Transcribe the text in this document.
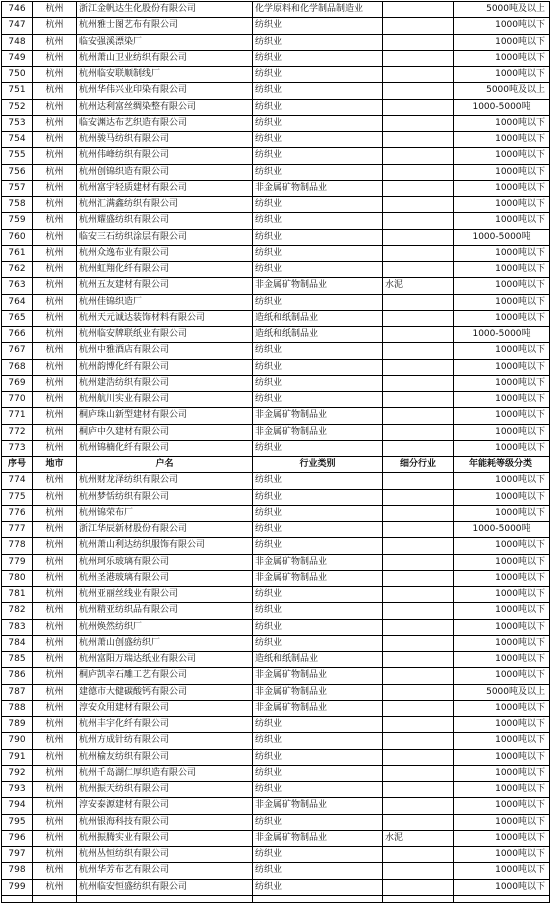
746	杭州	浙江金帆达生化股份有限公司	化学原料和化学制品制造业		5000吨及以上
747	杭州	杭州雅士图艺布有限公司	纺织业		1000吨以下
748	杭州	临安强溪漂染厂	纺织业		1000吨以下
749	杭州	杭州萧山卫业纺织有限公司	纺织业		1000吨以下
750	杭州	杭州临安联顺制线厂	纺织业		1000吨以下
751	杭州	杭州华伟兴业印染有限公司	纺织业		5000吨及以上
752	杭州	杭州达利富丝绸染整有限公司	纺织业		1000-5000吨
753	杭州	临安渊达布艺织造有限公司	纺织业		1000吨以下
754	杭州	杭州骏马纺织有限公司	纺织业		1000吨以下
755	杭州	杭州伟峰纺织有限公司	纺织业		1000吨以下
756	杭州	杭州创锦织造有限公司	纺织业		1000吨以下
757	杭州	杭州富宇轻质建材有限公司	非金属矿物制品业		1000吨以下
758	杭州	杭州汇满鑫纺织有限公司	纺织业		1000吨以下
759	杭州	杭州耀盛纺织有限公司	纺织业		1000吨以下
760	杭州	临安三石纺织涂层有限公司	纺织业		1000-5000吨
761	杭州	杭州众逸布业有限公司	纺织业		1000吨以下
762	杭州	杭州虹翔化纤有限公司	纺织业		1000吨以下
763	杭州	杭州五友建材有限公司	非金属矿物制品业	水泥	1000吨以下
764	杭州	杭州佳锦织造厂	纺织业		1000吨以下
765	杭州	杭州天元诚达装饰材料有限公司	造纸和纸制品业		1000吨以下
766	杭州	杭州临安牌联纸业有限公司	造纸和纸制品业		1000-5000吨
767	杭州	杭州中雅酒店有限公司	纺织业		1000吨以下
768	杭州	杭州韵博化纤有限公司	纺织业		1000吨以下
769	杭州	杭州建浩纺织有限公司	纺织业		1000吨以下
770	杭州	杭州航川实业有限公司	纺织业		1000吨以下
771	杭州	桐庐珠山新型建材有限公司	非金属矿物制品业		1000吨以下
772	杭州	桐庐中久建材有限公司	非金属矿物制品业		1000吨以下
773	杭州	杭州锦楠化纤有限公司	纺织业		1000吨以下
序号	地市	户名	行业类别	细分行业	年能耗等级分类
774	杭州	杭州财龙泽纺织有限公司	纺织业		1000吨以下
775	杭州	杭州梦恬纺织有限公司	纺织业		1000吨以下
776	杭州	杭州锦荣布厂	纺织业		1000吨以下
777	杭州	浙江华辰新材股份有限公司	纺织业		1000-5000吨
778	杭州	杭州萧山利达纺织服饰有限公司	纺织业		1000吨以下
779	杭州	杭州珂乐玻璃有限公司	非金属矿物制品业		1000吨以下
780	杭州	杭州圣港玻璃有限公司	非金属矿物制品业		1000吨以下
781	杭州	杭州亚丽丝线业有限公司	纺织业		1000吨以下
782	杭州	杭州精亚纺织品有限公司	纺织业		1000吨以下
783	杭州	杭州焕然纺织厂	纺织业		1000吨以下
784	杭州	杭州萧山创盛纺织厂	纺织业		1000吨以下
785	杭州	杭州富阳万瑞达纸业有限公司	造纸和纸制品业		1000吨以下
786	杭州	桐庐凯幸石雕工艺有限公司	非金属矿物制品业		1000吨以下
787	杭州	建德市大健碳酸钙有限公司	非金属矿物制品业		5000吨及以上
788	杭州	淳安众用建材有限公司	非金属矿物制品业		1000吨以下
789	杭州	杭州丰宇化纤有限公司	纺织业		1000吨以下
790	杭州	杭州方成针纺有限公司	纺织业		1000吨以下
791	杭州	杭州榆友纺织有限公司	纺织业		1000吨以下
792	杭州	杭州千岛湖仁厚织造有限公司	纺织业		1000吨以下
793	杭州	杭州振天纺织有限公司	纺织业		1000吨以下
794	杭州	淳安泰源建材有限公司	非金属矿物制品业		1000吨以下
795	杭州	杭州银海科技有限公司	纺织业		1000吨以下
796	杭州	杭州振腾实业有限公司	非金属矿物制品业	水泥	1000吨以下
797	杭州	杭州丛恒纺织有限公司	纺织业		1000吨以下
798	杭州	杭州华芳布艺有限公司	纺织业		1000吨以下
799	杭州	杭州临安恒盛纺织有限公司	纺织业		1000吨以下
